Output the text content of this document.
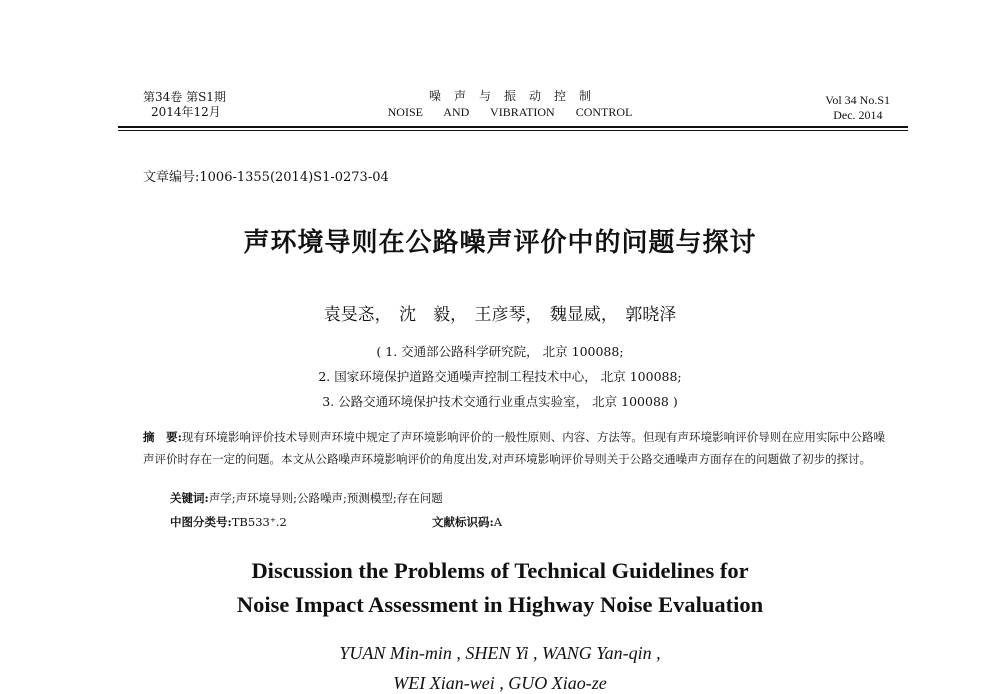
第34卷 第S1期
2014年12月
噪声与振动控制
NOISE AND VIBRATION CONTROL
Vol 34 No.S1
Dec. 2014
文章编号:1006-1355(2014)S1-0273-04
声环境导则在公路噪声评价中的问题与探讨
袁旻忞， 沈　毅， 王彦琴， 魏显威， 郭晓泽
( 1. 交通部公路科学研究院， 北京 100088;
2. 国家环境保护道路交通噪声控制工程技术中心， 北京 100088;
3. 公路交通环境保护技术交通行业重点实验室， 北京 100088 )
摘　要:现有环境影响评价技术导则声环境中规定了声环境影响评价的一般性原则、内容、方法等。但现有声环境影响评价导则在应用实际中公路噪声评价时存在一定的问题。本文从公路噪声环境影响评价的角度出发,对声环境影响评价导则关于公路交通噪声方面存在的问题做了初步的探讨。
关键词:声学;声环境导则;公路噪声;预测模型;存在问题
中图分类号:TB533⁺.2	文献标识码:A
Discussion the Problems of Technical Guidelines for
Noise Impact Assessment in Highway Noise Evaluation
YUAN Min-min , SHEN Yi , WANG Yan-qin ,
WEI Xian-wei , GUO Xiao-ze
